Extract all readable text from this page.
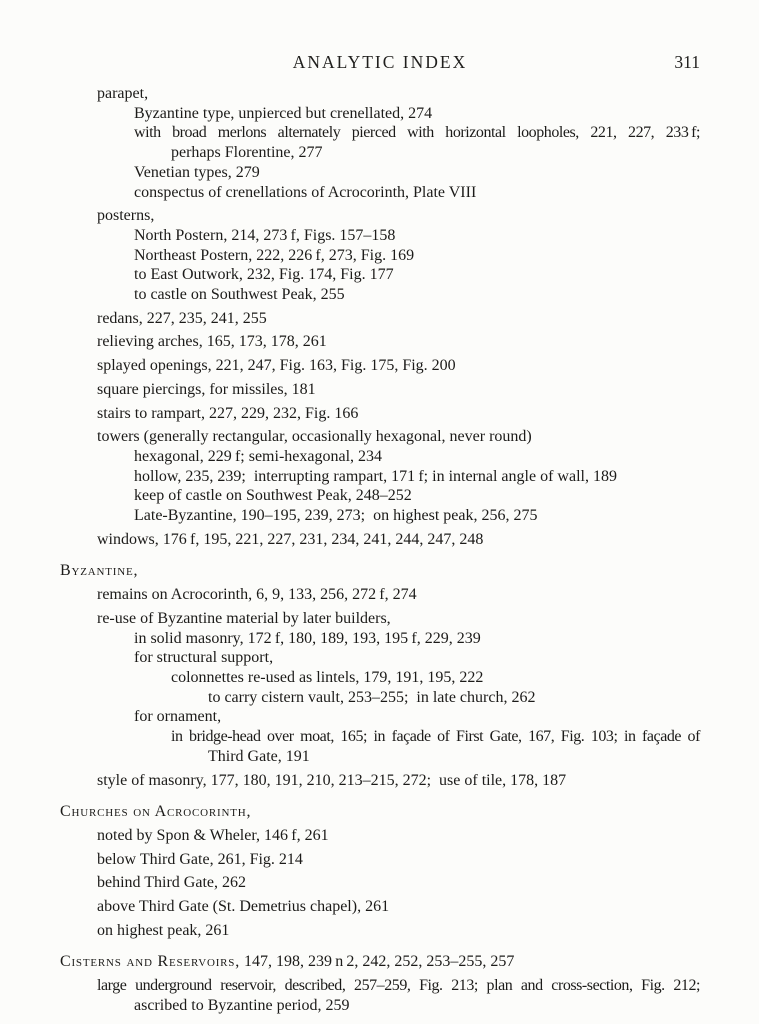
ANALYTIC INDEX	311
parapet,
Byzantine type, unpierced but crenellated, 274
with broad merlons alternately pierced with horizontal loopholes, 221, 227, 233 f;
perhaps Florentine, 277
Venetian types, 279
conspectus of crenellations of Acrocorinth, Plate VIII
posterns,
North Postern, 214, 273 f, Figs. 157–158
Northeast Postern, 222, 226 f, 273, Fig. 169
to East Outwork, 232, Fig. 174, Fig. 177
to castle on Southwest Peak, 255
redans, 227, 235, 241, 255
relieving arches, 165, 173, 178, 261
splayed openings, 221, 247, Fig. 163, Fig. 175, Fig. 200
square piercings, for missiles, 181
stairs to rampart, 227, 229, 232, Fig. 166
towers (generally rectangular, occasionally hexagonal, never round)
hexagonal, 229 f; semi-hexagonal, 234
hollow, 235, 239; interrupting rampart, 171 f; in internal angle of wall, 189
keep of castle on Southwest Peak, 248–252
Late-Byzantine, 190–195, 239, 273; on highest peak, 256, 275
windows, 176 f, 195, 221, 227, 231, 234, 241, 244, 247, 248
Byzantine,
remains on Acrocorinth, 6, 9, 133, 256, 272 f, 274
re-use of Byzantine material by later builders,
in solid masonry, 172 f, 180, 189, 193, 195 f, 229, 239
for structural support,
colonnettes re-used as lintels, 179, 191, 195, 222
to carry cistern vault, 253–255; in late church, 262
for ornament,
in bridge-head over moat, 165; in façade of First Gate, 167, Fig. 103; in façade of
Third Gate, 191
style of masonry, 177, 180, 191, 210, 213–215, 272; use of tile, 178, 187
Churches on Acrocorinth,
noted by Spon & Wheler, 146 f, 261
below Third Gate, 261, Fig. 214
behind Third Gate, 262
above Third Gate (St. Demetrius chapel), 261
on highest peak, 261
Cisterns and Reservoirs, 147, 198, 239 n 2, 242, 252, 253–255, 257
large underground reservoir, described, 257–259, Fig. 213; plan and cross-section, Fig. 212;
ascribed to Byzantine period, 259
